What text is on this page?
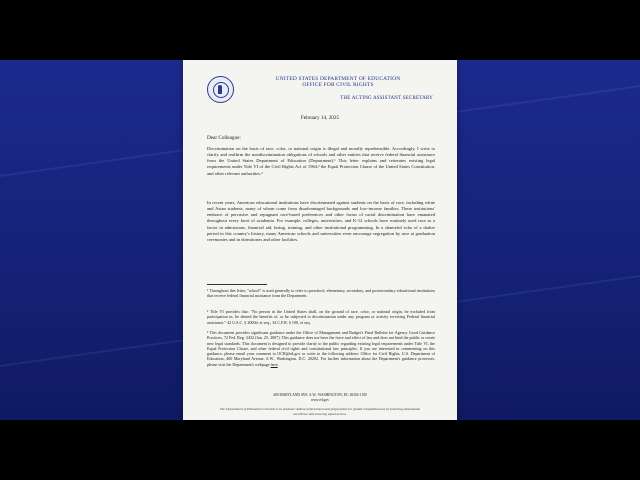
UNITED STATES DEPARTMENT OF EDUCATION
OFFICE FOR CIVIL RIGHTS
THE ACTING ASSISTANT SECRETARY
February 14, 2025
Dear Colleague:

Discrimination on the basis of race, color, or national origin is illegal and morally reprehensible. Accordingly, I write to clarify and reaffirm the nondiscrimination obligations of schools and other entities that receive federal financial assistance from the United States Department of Education (Department).¹ This letter explains and reiterates existing legal requirements under Title VI of the Civil Rights Act of 1964,² the Equal Protection Clause of the United States Constitution, and other relevant authorities.³

In recent years, American educational institutions have discriminated against students on the basis of race, including white and Asian students, many of whom come from disadvantaged backgrounds and low-income families. These institutions' embrace of pervasive and repugnant race-based preferences and other forms of racial discrimination have emanated throughout every facet of academia. For example, colleges, universities, and K-12 schools have routinely used race as a factor in admissions, financial aid, hiring, training, and other institutional programming. In a shameful echo of a darker period in this country's history, many American schools and universities even encourage segregation by race at graduation ceremonies and in dormitories and other facilities.

¹ Throughout this letter, "school" is used generally to refer to preschool, elementary, secondary, and postsecondary educational institutions that receive federal financial assistance from the Department.

² Title VI provides that: "No person in the United States shall, on the ground of race, color, or national origin, be excluded from participation in, be denied the benefits of, or be subjected to discrimination under any program or activity receiving Federal financial assistance." 42 U.S.C. § 2000d, et seq.; 34 C.F.R. § 100, et seq.

³ This document provides significant guidance under the Office of Management and Budget's Final Bulletin for Agency Good Guidance Practices, 72 Fed. Reg. 3432 (Jan. 25, 2007). This guidance does not have the force and effect of law and does not bind the public or create new legal standards. This document is designed to provide clarity to the public regarding existing legal requirements under Title VI, the Equal Protection Clause, and other federal civil rights and constitutional law principles. If you are interested in commenting on this guidance, please email your comment to OCR@ed.gov or write to the following address: Office for Civil Rights, U.S. Department of Education, 400 Maryland Avenue, S.W., Washington, D.C. 20202. For further information about the Department's guidance processes, please visit the Department's webpage here.

400 MARYLAND AVE. S.W., WASHINGTON, DC 20202-1100
www.ed.gov
The Department of Education's mission is to promote student achievement and preparation for global competitiveness by fostering educational excellence and ensuring equal access.
